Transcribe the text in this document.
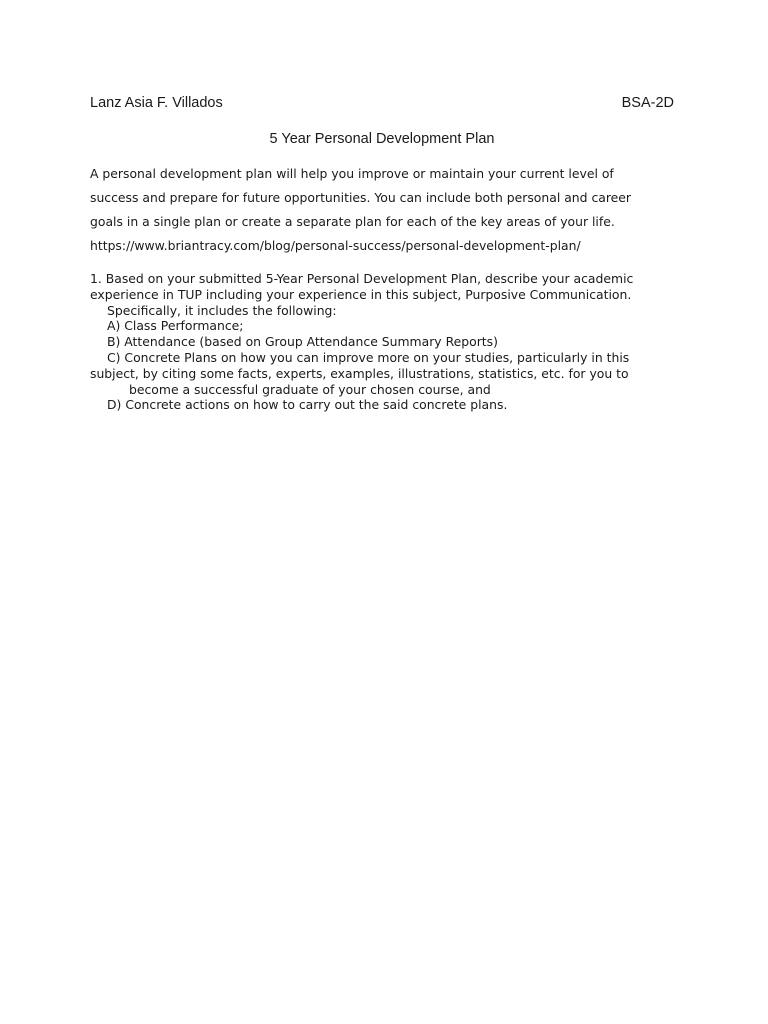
Lanz Asia F. Villados	BSA-2D
5 Year Personal Development Plan
A personal development plan will help you improve or maintain your current level of
success and prepare for future opportunities. You can include both personal and career
goals in a single plan or create a separate plan for each of the key areas of your life.
https://www.briantracy.com/blog/personal-success/personal-development-plan/
1. Based on your submitted 5-Year Personal Development Plan, describe your academic
experience in TUP including your experience in this subject, Purposive Communication.
Specifically, it includes the following:
A) Class Performance;
B) Attendance (based on Group Attendance Summary Reports)
C) Concrete Plans on how you can improve more on your studies, particularly in this
subject, by citing some facts, experts, examples, illustrations, statistics, etc. for you to
become a successful graduate of your chosen course, and
D) Concrete actions on how to carry out the said concrete plans.
